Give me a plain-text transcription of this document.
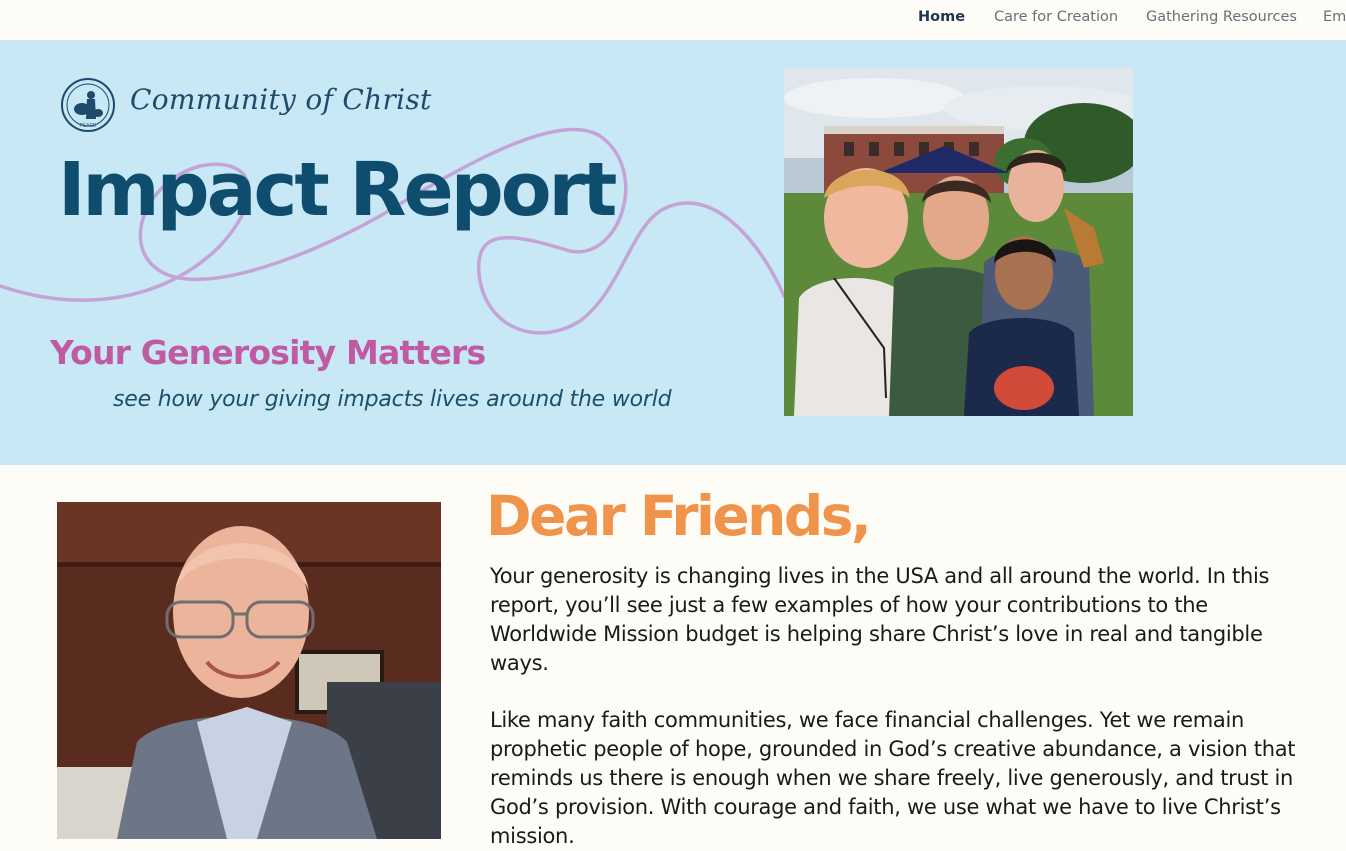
Home Care for Creation Gathering Resources Em
PEACE
Community of Christ
Impact Report
Your Generosity Matters

see how your giving impacts lives around the world

Dear Friends,

Your generosity is changing lives in the USA and all around the world. In this report, you’ll see just a few examples of how your contributions to the Worldwide Mission budget is helping share Christ’s love in real and tangible ways.

Like many faith communities, we face financial challenges. Yet we remain prophetic people of hope, grounded in God’s creative abundance, a vision that reminds us there is enough when we share freely, live generously, and trust in God’s provision. With courage and faith, we use what we have to live Christ’s mission.
